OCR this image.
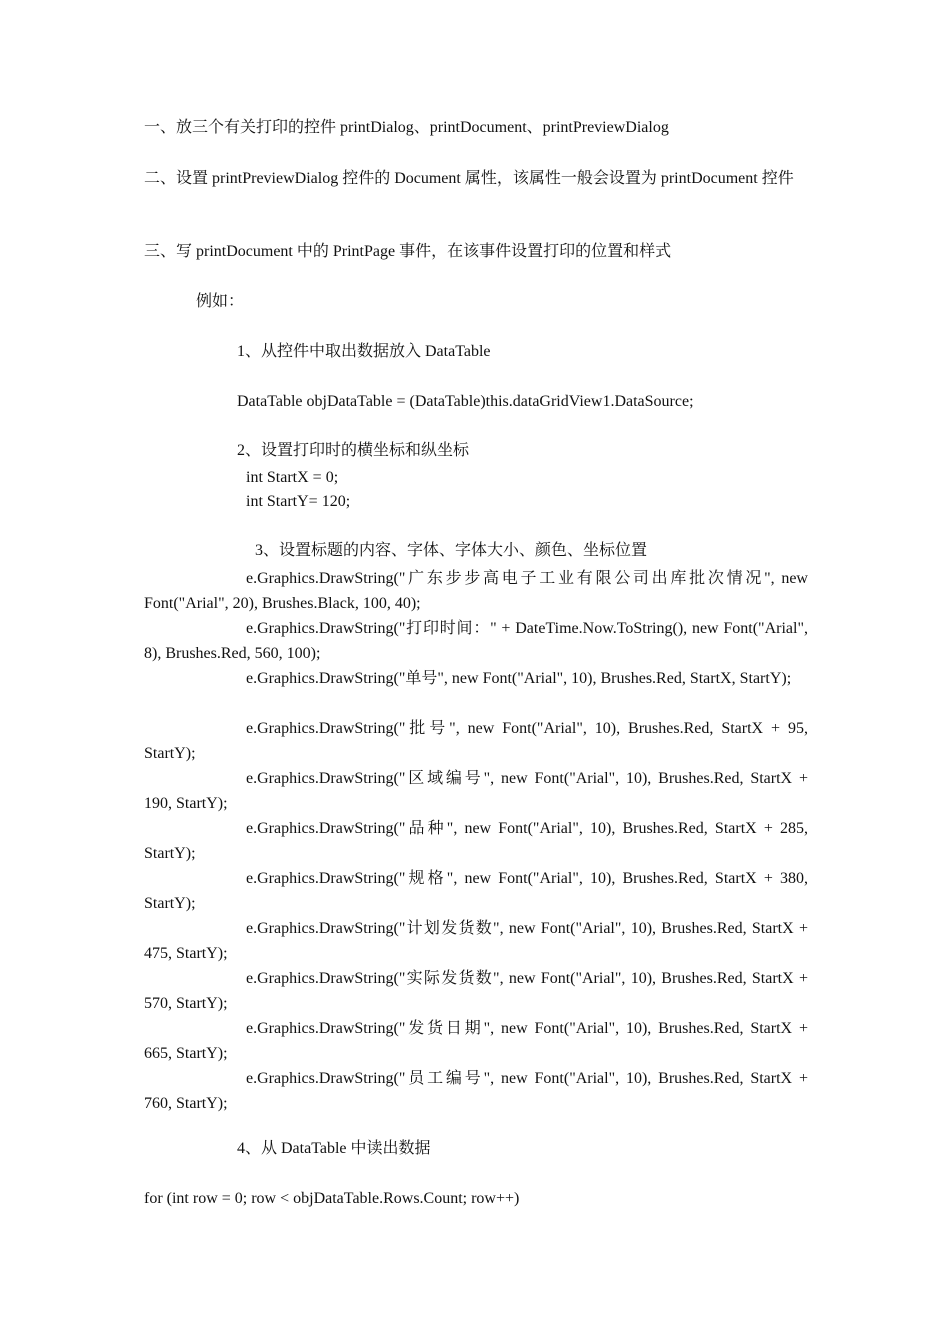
一、放三个有关打印的控件 printDialog、printDocument、printPreviewDialog
二、设置 printPreviewDialog 控件的 Document 属性，该属性一般会设置为 printDocument 控件
三、写 printDocument 中的 PrintPage 事件，在该事件设置打印的位置和样式
例如：
1、从控件中取出数据放入 DataTable
DataTable objDataTable = (DataTable)this.dataGridView1.DataSource;
2、设置打印时的横坐标和纵坐标
int StartX = 0;
int StartY= 120;
3、设置标题的内容、字体、字体大小、颜色、坐标位置
e.Graphics.DrawString("广东步步高电子工业有限公司出库批次情况", new Font("Arial", 20), Brushes.Black, 100, 40);
e.Graphics.DrawString("打印时间：" + DateTime.Now.ToString(), new Font("Arial", 8), Brushes.Red, 560, 100);
e.Graphics.DrawString("单号", new Font("Arial", 10), Brushes.Red, StartX, StartY);
e.Graphics.DrawString("批号", new Font("Arial", 10), Brushes.Red, StartX + 95, StartY);
e.Graphics.DrawString("区域编号", new Font("Arial", 10), Brushes.Red, StartX + 190, StartY);
e.Graphics.DrawString("品种", new Font("Arial", 10), Brushes.Red, StartX + 285, StartY);
e.Graphics.DrawString("规格", new Font("Arial", 10), Brushes.Red, StartX + 380, StartY);
e.Graphics.DrawString("计划发货数", new Font("Arial", 10), Brushes.Red, StartX + 475, StartY);
e.Graphics.DrawString("实际发货数", new Font("Arial", 10), Brushes.Red, StartX + 570, StartY);
e.Graphics.DrawString("发货日期", new Font("Arial", 10), Brushes.Red, StartX + 665, StartY);
e.Graphics.DrawString("员工编号", new Font("Arial", 10), Brushes.Red, StartX + 760, StartY);
4、从 DataTable 中读出数据
for (int row = 0; row < objDataTable.Rows.Count; row++)
